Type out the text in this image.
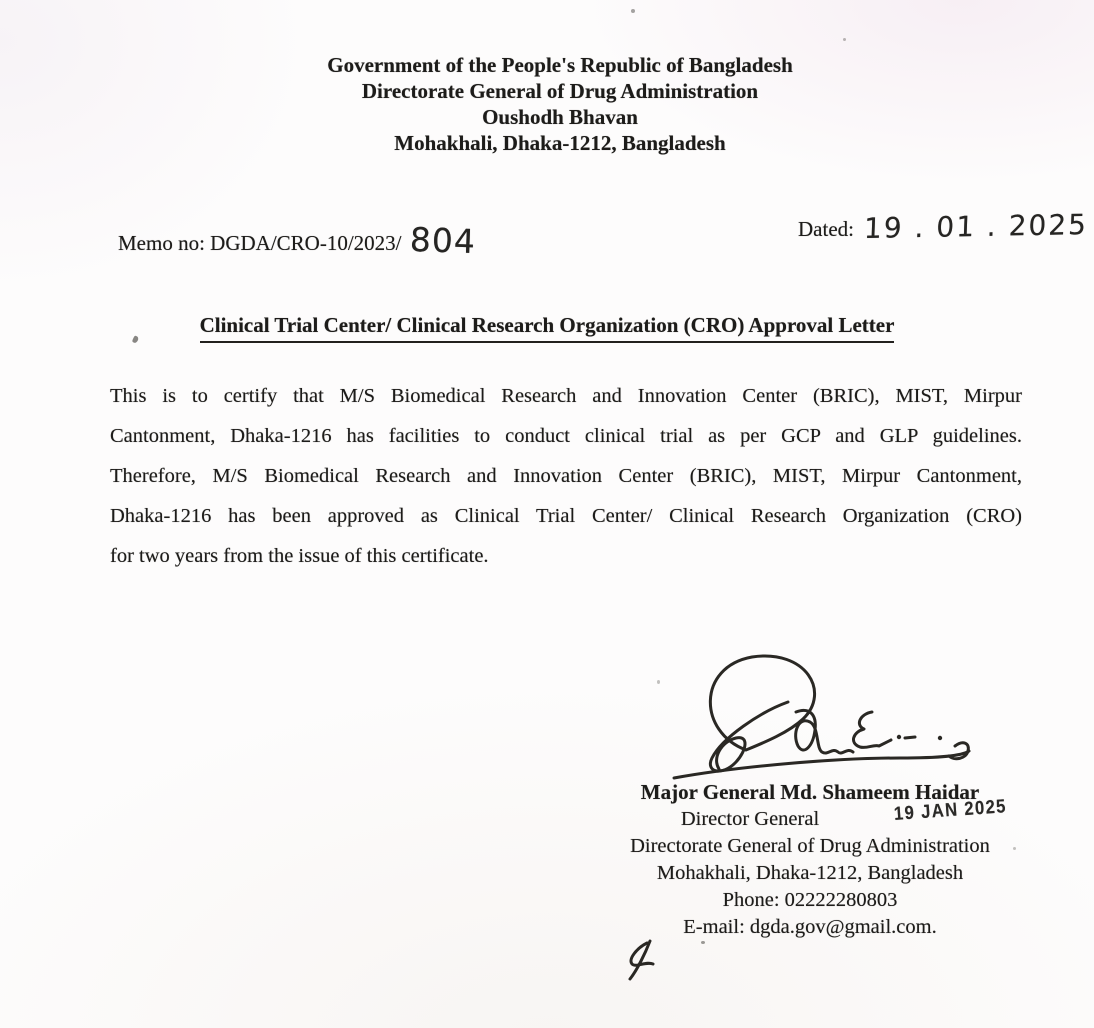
Government of the People's Republic of Bangladesh
Directorate General of Drug Administration
Oushodh Bhavan
Mohakhali, Dhaka-1212, Bangladesh
Memo no: DGDA/CRO-10/2023/ 804	Dated: 19 . 01 . 2025
Clinical Trial Center/ Clinical Research Organization (CRO) Approval Letter
This is to certify that M/S Biomedical Research and Innovation Center (BRIC), MIST, Mirpur
Cantonment, Dhaka-1216 has facilities to conduct clinical trial as per GCP and GLP guidelines.
Therefore, M/S Biomedical Research and Innovation Center (BRIC), MIST, Mirpur Cantonment,
Dhaka-1216 has been approved as Clinical Trial Center/ Clinical Research Organization (CRO)
for two years from the issue of this certificate.
Major General Md. Shameem Haidar
Director General
Directorate General of Drug Administration
Mohakhali, Dhaka-1212, Bangladesh
Phone: 02222280803
E-mail: dgda.gov@gmail.com.
19 JAN 2025
